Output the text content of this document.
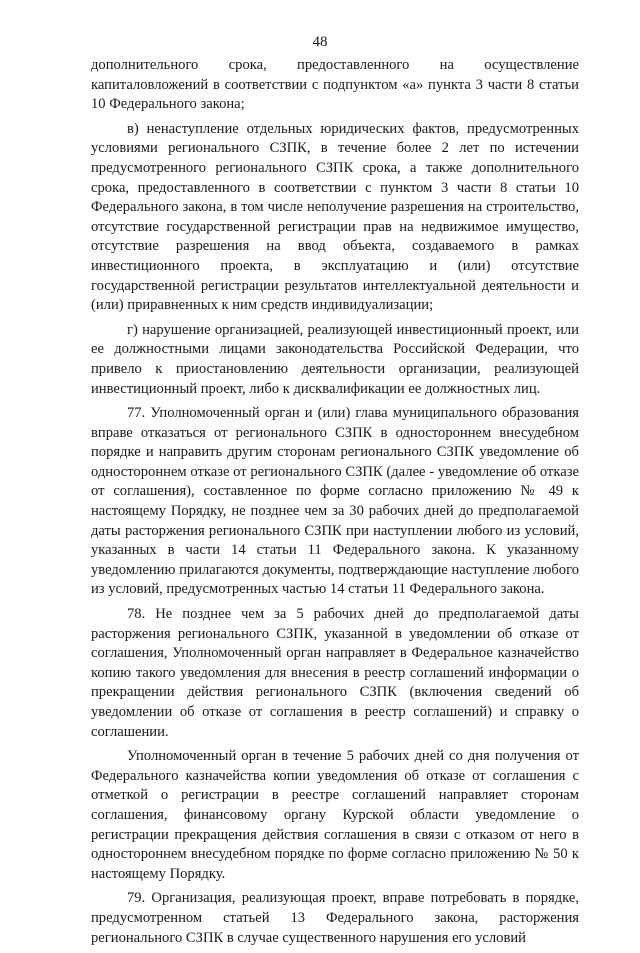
48

дополнительного срока, предоставленного на осуществление капиталовложений в соответствии с подпунктом «а» пункта 3 части 8 статьи 10 Федерального закона;

в) ненаступление отдельных юридических фактов, предусмотренных условиями регионального СЗПК, в течение более 2 лет по истечении предусмотренного регионального СЗПК срока, а также дополнительного срока, предоставленного в соответствии с пунктом 3 части 8 статьи 10 Федерального закона, в том числе неполучение разрешения на строительство, отсутствие государственной регистрации прав на недвижимое имущество, отсутствие разрешения на ввод объекта, создаваемого в рамках инвестиционного проекта, в эксплуатацию и (или) отсутствие государственной регистрации результатов интеллектуальной деятельности и (или) приравненных к ним средств индивидуализации;

г) нарушение организацией, реализующей инвестиционный проект, или ее должностными лицами законодательства Российской Федерации, что привело к приостановлению деятельности организации, реализующей инвестиционный проект, либо к дисквалификации ее должностных лиц.

77. Уполномоченный орган и (или) глава муниципального образования вправе отказаться от регионального СЗПК в одностороннем внесудебном порядке и направить другим сторонам регионального СЗПК уведомление об одностороннем отказе от регионального СЗПК (далее - уведомление об отказе от соглашения), составленное по форме согласно приложению № 49 к настоящему Порядку, не позднее чем за 30 рабочих дней до предполагаемой даты расторжения регионального СЗПК при наступлении любого из условий, указанных в части 14 статьи 11 Федерального закона. К указанному уведомлению прилагаются документы, подтверждающие наступление любого из условий, предусмотренных частью 14 статьи 11 Федерального закона.

78. Не позднее чем за 5 рабочих дней до предполагаемой даты расторжения регионального СЗПК, указанной в уведомлении об отказе от соглашения, Уполномоченный орган направляет в Федеральное казначейство копию такого уведомления для внесения в реестр соглашений информации о прекращении действия регионального СЗПК (включения сведений об уведомлении об отказе от соглашения в реестр соглашений) и справку о соглашении.

Уполномоченный орган в течение 5 рабочих дней со дня получения от Федерального казначейства копии уведомления об отказе от соглашения с отметкой о регистрации в реестре соглашений направляет сторонам соглашения, финансовому органу Курской области уведомление о регистрации прекращения действия соглашения в связи с отказом от него в одностороннем внесудебном порядке по форме согласно приложению № 50 к настоящему Порядку.

79. Организация, реализующая проект, вправе потребовать в порядке, предусмотренном статьей 13 Федерального закона, расторжения регионального СЗПК в случае существенного нарушения его условий
